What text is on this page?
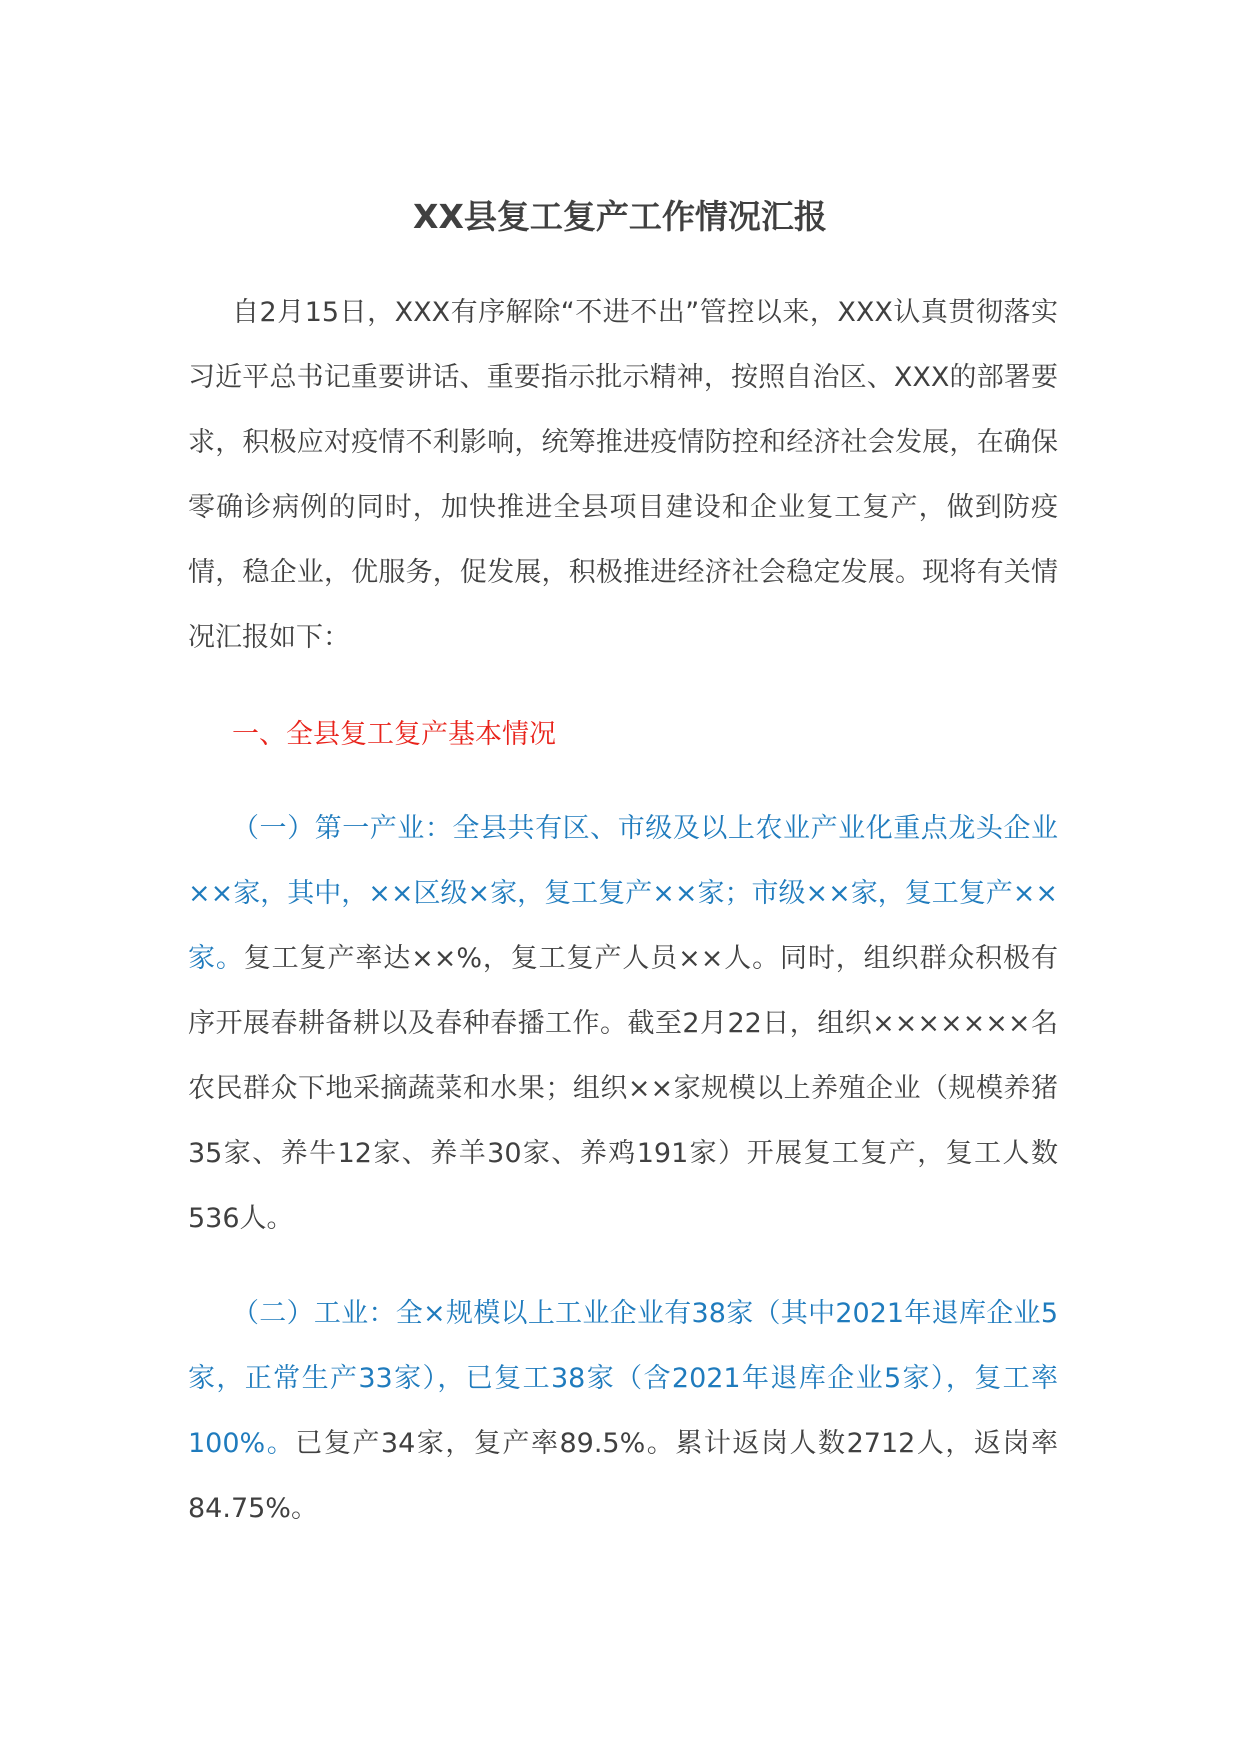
XX县复工复产工作情况汇报

自2月15日，XXX有序解除“不进不出”管控以来，XXX认真贯彻落实习近平总书记重要讲话、重要指示批示精神，按照自治区、XXX的部署要求，积极应对疫情不利影响，统筹推进疫情防控和经济社会发展，在确保零确诊病例的同时，加快推进全县项目建设和企业复工复产，做到防疫情，稳企业，优服务，促发展，积极推进经济社会稳定发展。现将有关情况汇报如下：

一、全县复工复产基本情况

（一）第一产业：全县共有区、市级及以上农业产业化重点龙头企业××家，其中，××区级×家，复工复产××家；市级××家，复工复产××家。复工复产率达××%，复工复产人员××人。同时，组织群众积极有序开展春耕备耕以及春种春播工作。截至2月22日，组织×××××××名农民群众下地采摘蔬菜和水果；组织××家规模以上养殖企业（规模养猪35家、养牛12家、养羊30家、养鸡191家）开展复工复产，复工人数536人。

（二）工业：全×规模以上工业企业有38家（其中2021年退库企业5家，正常生产33家），已复工38家（含2021年退库企业5家），复工率100%。已复产34家，复产率89.5%。累计返岗人数2712人，返岗率84.75%。
